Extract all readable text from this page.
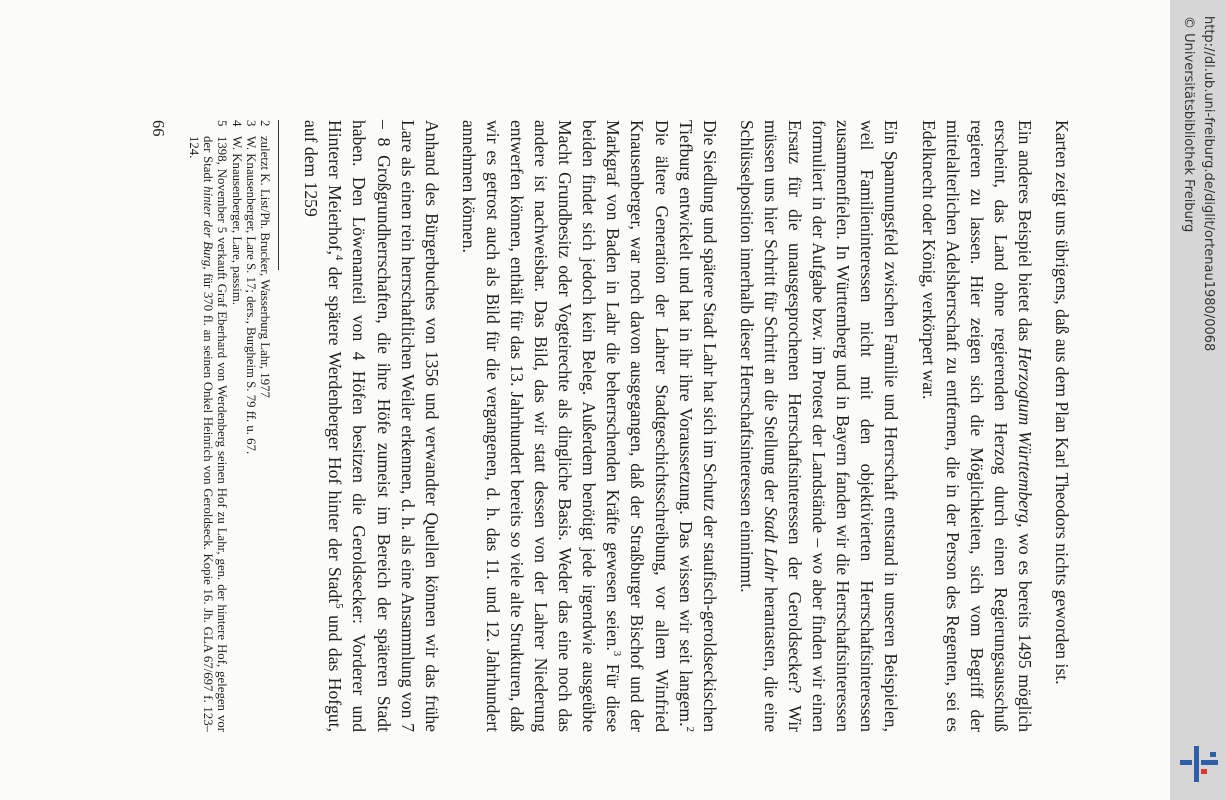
Karten zeigt uns übrigens, daß aus dem Plan Karl Theodors nichts geworden ist.

Ein anderes Beispiel bietet das Herzogtum Württemberg, wo es bereits 1495 möglich erscheint, das Land ohne regierenden Herzog durch einen Regierungsausschuß regieren zu lassen. Hier zeigen sich die Möglichkeiten, sich vom Begriff der mittelalterlichen Adelsherrschaft zu entfernen, die in der Person des Regenten, sei es Edelknecht oder König, verkörpert war.

Ein Spannungsfeld zwischen Familie und Herrschaft entstand in unseren Beispielen, weil Familieninteressen nicht mit den objektivierten Herrschaftsinteressen zusammenfielen. In Württemberg und in Bayern fanden wir die Herrschaftsinteressen formuliert in der Aufgabe bzw. im Protest der Landstände – wo aber finden wir einen Ersatz für die unausgesprochenen Herrschaftsinteressen der Geroldsecker? Wir müssen uns hier Schritt für Schritt an die Stellung der Stadt Lahr herantasten, die eine Schlüsselposition innerhalb dieser Herrschaftsinteressen einnimmt.

Die Siedlung und spätere Stadt Lahr hat sich im Schutz der staufisch-geroldseckischen Tiefburg entwickelt und hat in ihr ihre Voraussetzung. Das wissen wir seit langem.$^2$ Die ältere Generation der Lahrer Stadtgeschichtsschreibung, vor allem Winfried Knausenberger, war noch davon ausgegangen, daß der Straßburger Bischof und der Markgraf von Baden in Lahr die beherrschenden Kräfte gewesen seien.$^3$ Für diese beiden findet sich jedoch kein Beleg. Außerdem benötigt jede irgendwie ausgeübte Macht Grundbesitz oder Vogteirechte als dingliche Basis. Weder das eine noch das andere ist nachweisbar. Das Bild, das wir statt dessen von der Lahrer Niederung entwerfen können, enthält für das 13. Jahrhundert bereits so viele alte Strukturen, daß wir es getrost auch als Bild für die vergangenen, d. h. das 11. und 12. Jahrhundert annehmen können.

Anhand des Bürgerbuches von 1356 und verwandter Quellen können wir das frühe Lare als einen rein herrschaftlichen Weiler erkennen, d. h. als eine Ansammlung von 7 – 8 Großgrundherrschaften, die ihre Höfe zumeist im Bereich der späteren Stadt haben. Den Löwenanteil von 4 Höfen besitzen die Geroldsecker: Vorderer und Hinterer Meierhof,$^4$ der spätere Werdenberger Hof hinter der Stadt$^5$ und das Hofgut, auf dem 1259

2
zuletzt K. List/Ph. Brucker, Wasserburg Lahr, 1977
3
W. Knausenberger, Lare S. 17; ders., Burgheim S. 79 ff. u. 67.
4
W. Knausenberger, Lare, passim.
5
1398, November 5 verkauft Graf Eberhard von Werdenberg seinen Hof zu Lahr, gen. der hintere Hof, gelegen vor der Stadt hinter der Burg, für 370 fl. an seinen Onkel Heinrich von Geroldseck. Kopie 16. Jh. GLA 67/697 f. 123–124.
66	http://dl.ub.uni-freiburg.de/diglit/ortenau1980/0068
© Universitätsbibliothek Freiburg
